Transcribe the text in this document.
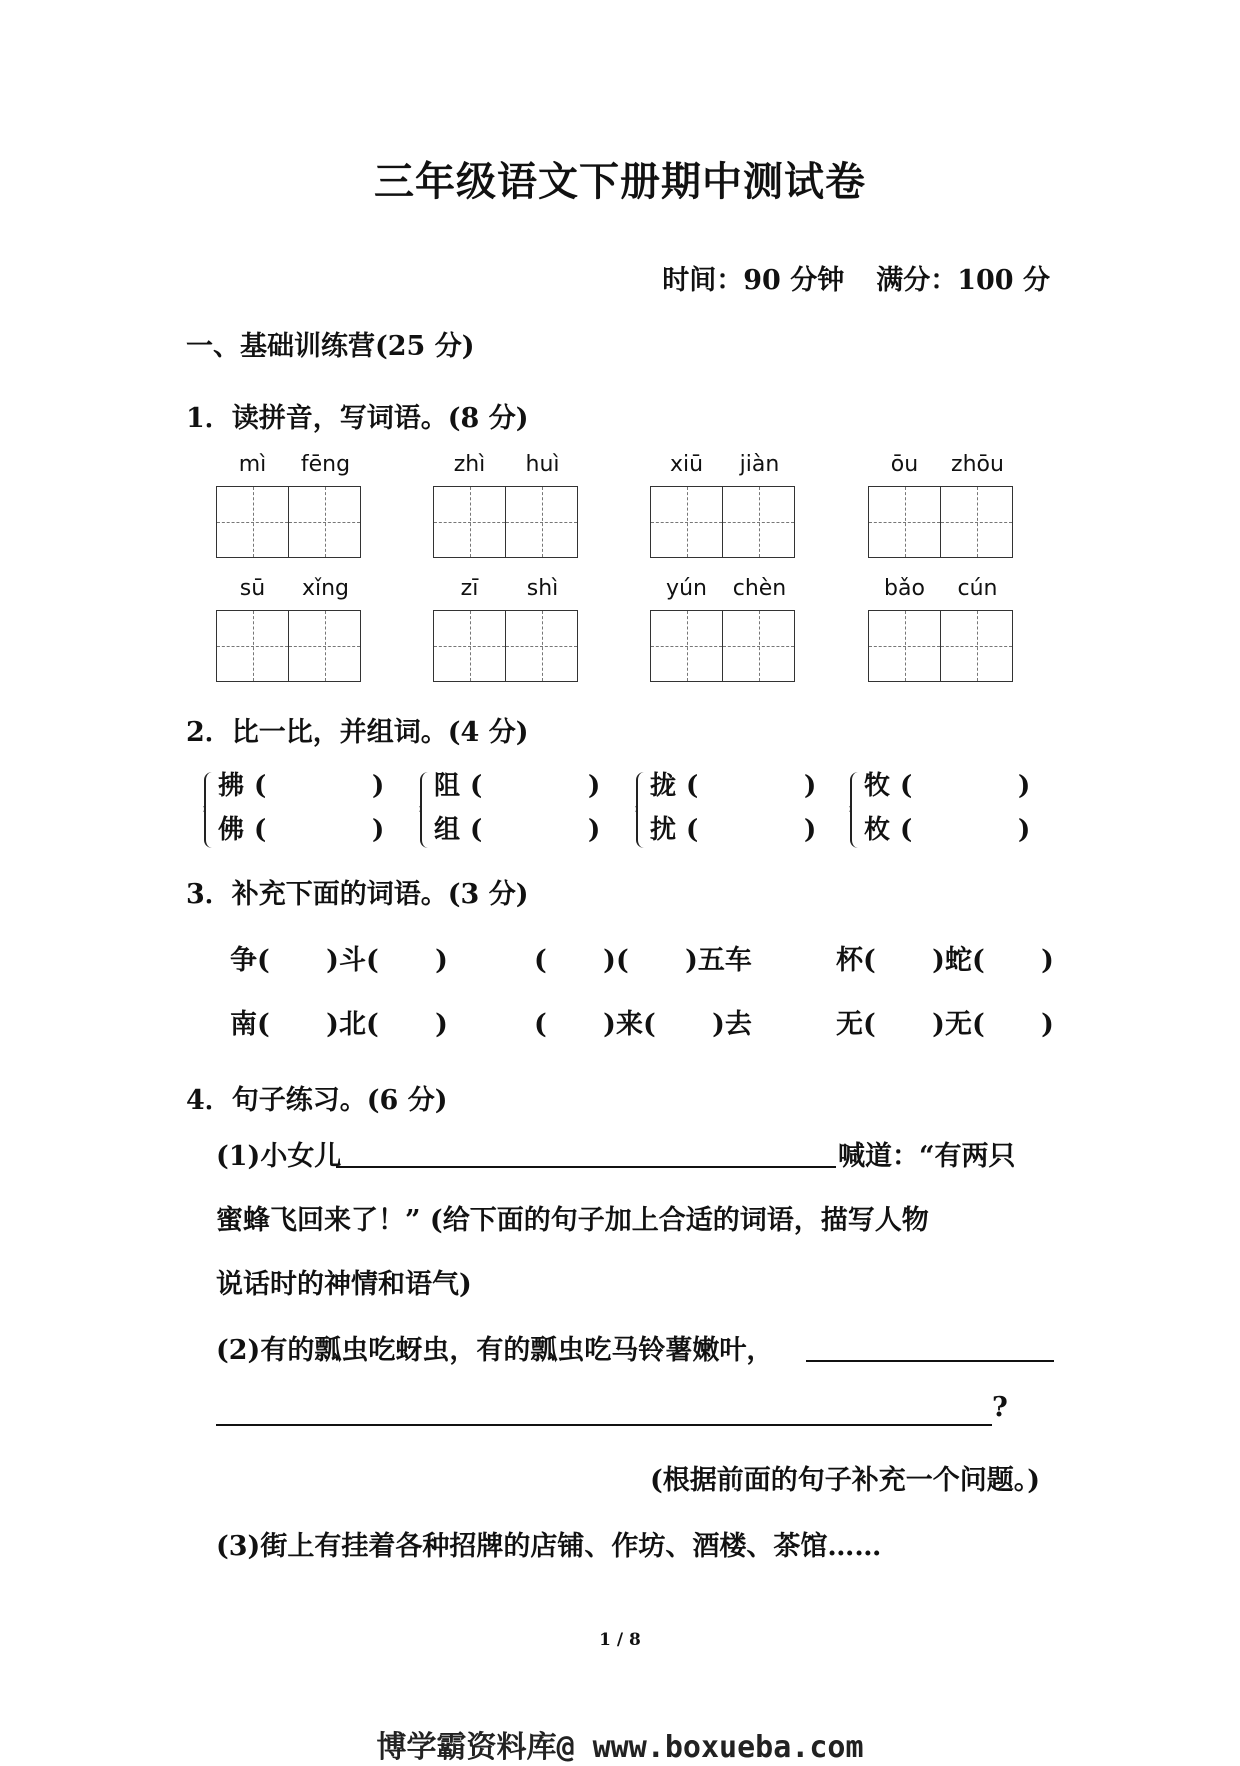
三年级语文下册期中测试卷
时间：90 分钟 满分：100 分
一、基础训练营(25 分)
1．读拼音，写词语。(8 分)
mì	fēng	zhì	huì	xiū	jiàn	ōu	zhōu
sū	xǐng	zī	shì	yún	chèn	bǎo	cún
2．比一比，并组词。(4 分)
拂 (	)
佛 (	)
阻 (	)
组 (	)
拢 (	)
扰 (	)
牧 (	)
枚 (	)
3．补充下面的词语。(3 分)
争(      )斗(      )	(      )(      )五车	杯(      )蛇(      )
南(      )北(      )	(      )来(      )去	无(      )无(      )
4．句子练习。(6 分)
(1)小女儿	喊道：“有两只
蜜蜂飞回来了！” (给下面的句子加上合适的词语，描写人物
说话时的神情和语气)
(2)有的瓢虫吃蚜虫，有的瓢虫吃马铃薯嫩叶，
?
(根据前面的句子补充一个问题。)
(3)街上有挂着各种招牌的店铺、作坊、酒楼、茶馆……
1 / 8
博学霸资料库@ www.boxueba.com
